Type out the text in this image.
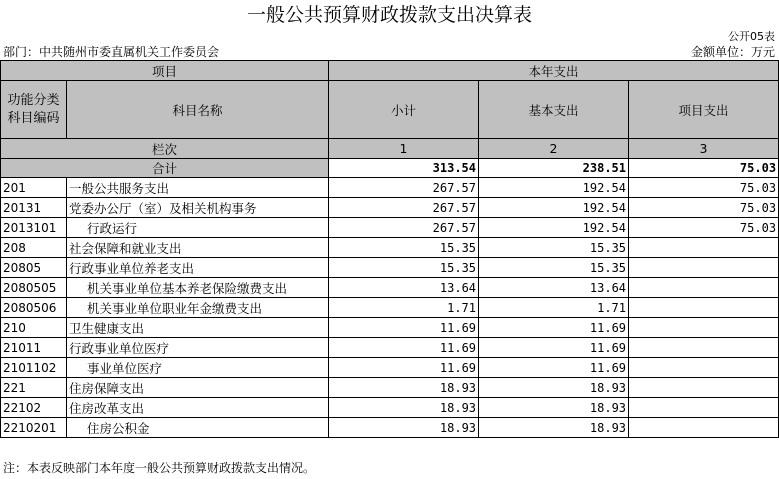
一般公共预算财政拨款支出决算表
公开05表
部门：中共随州市委直属机关工作委员会	金额单位：万元
项目		本年支出		
功能分类科目编码	科目名称	小计	基本支出	项目支出
栏次		1	2	3
合计		313.54	238.51	75.03
201	一般公共服务支出	267.57	192.54	75.03
20131	党委办公厅（室）及相关机构事务	267.57	192.54	75.03
2013101	行政运行	267.57	192.54	75.03
208	社会保障和就业支出	15.35	15.35	
20805	行政事业单位养老支出	15.35	15.35	
2080505	机关事业单位基本养老保险缴费支出	13.64	13.64	
2080506	机关事业单位职业年金缴费支出	1.71	1.71	
210	卫生健康支出	11.69	11.69	
21011	行政事业单位医疗	11.69	11.69	
2101102	事业单位医疗	11.69	11.69	
221	住房保障支出	18.93	18.93	
22102	住房改革支出	18.93	18.93	
2210201	住房公积金	18.93	18.93	
注：本表反映部门本年度一般公共预算财政拨款支出情况。
